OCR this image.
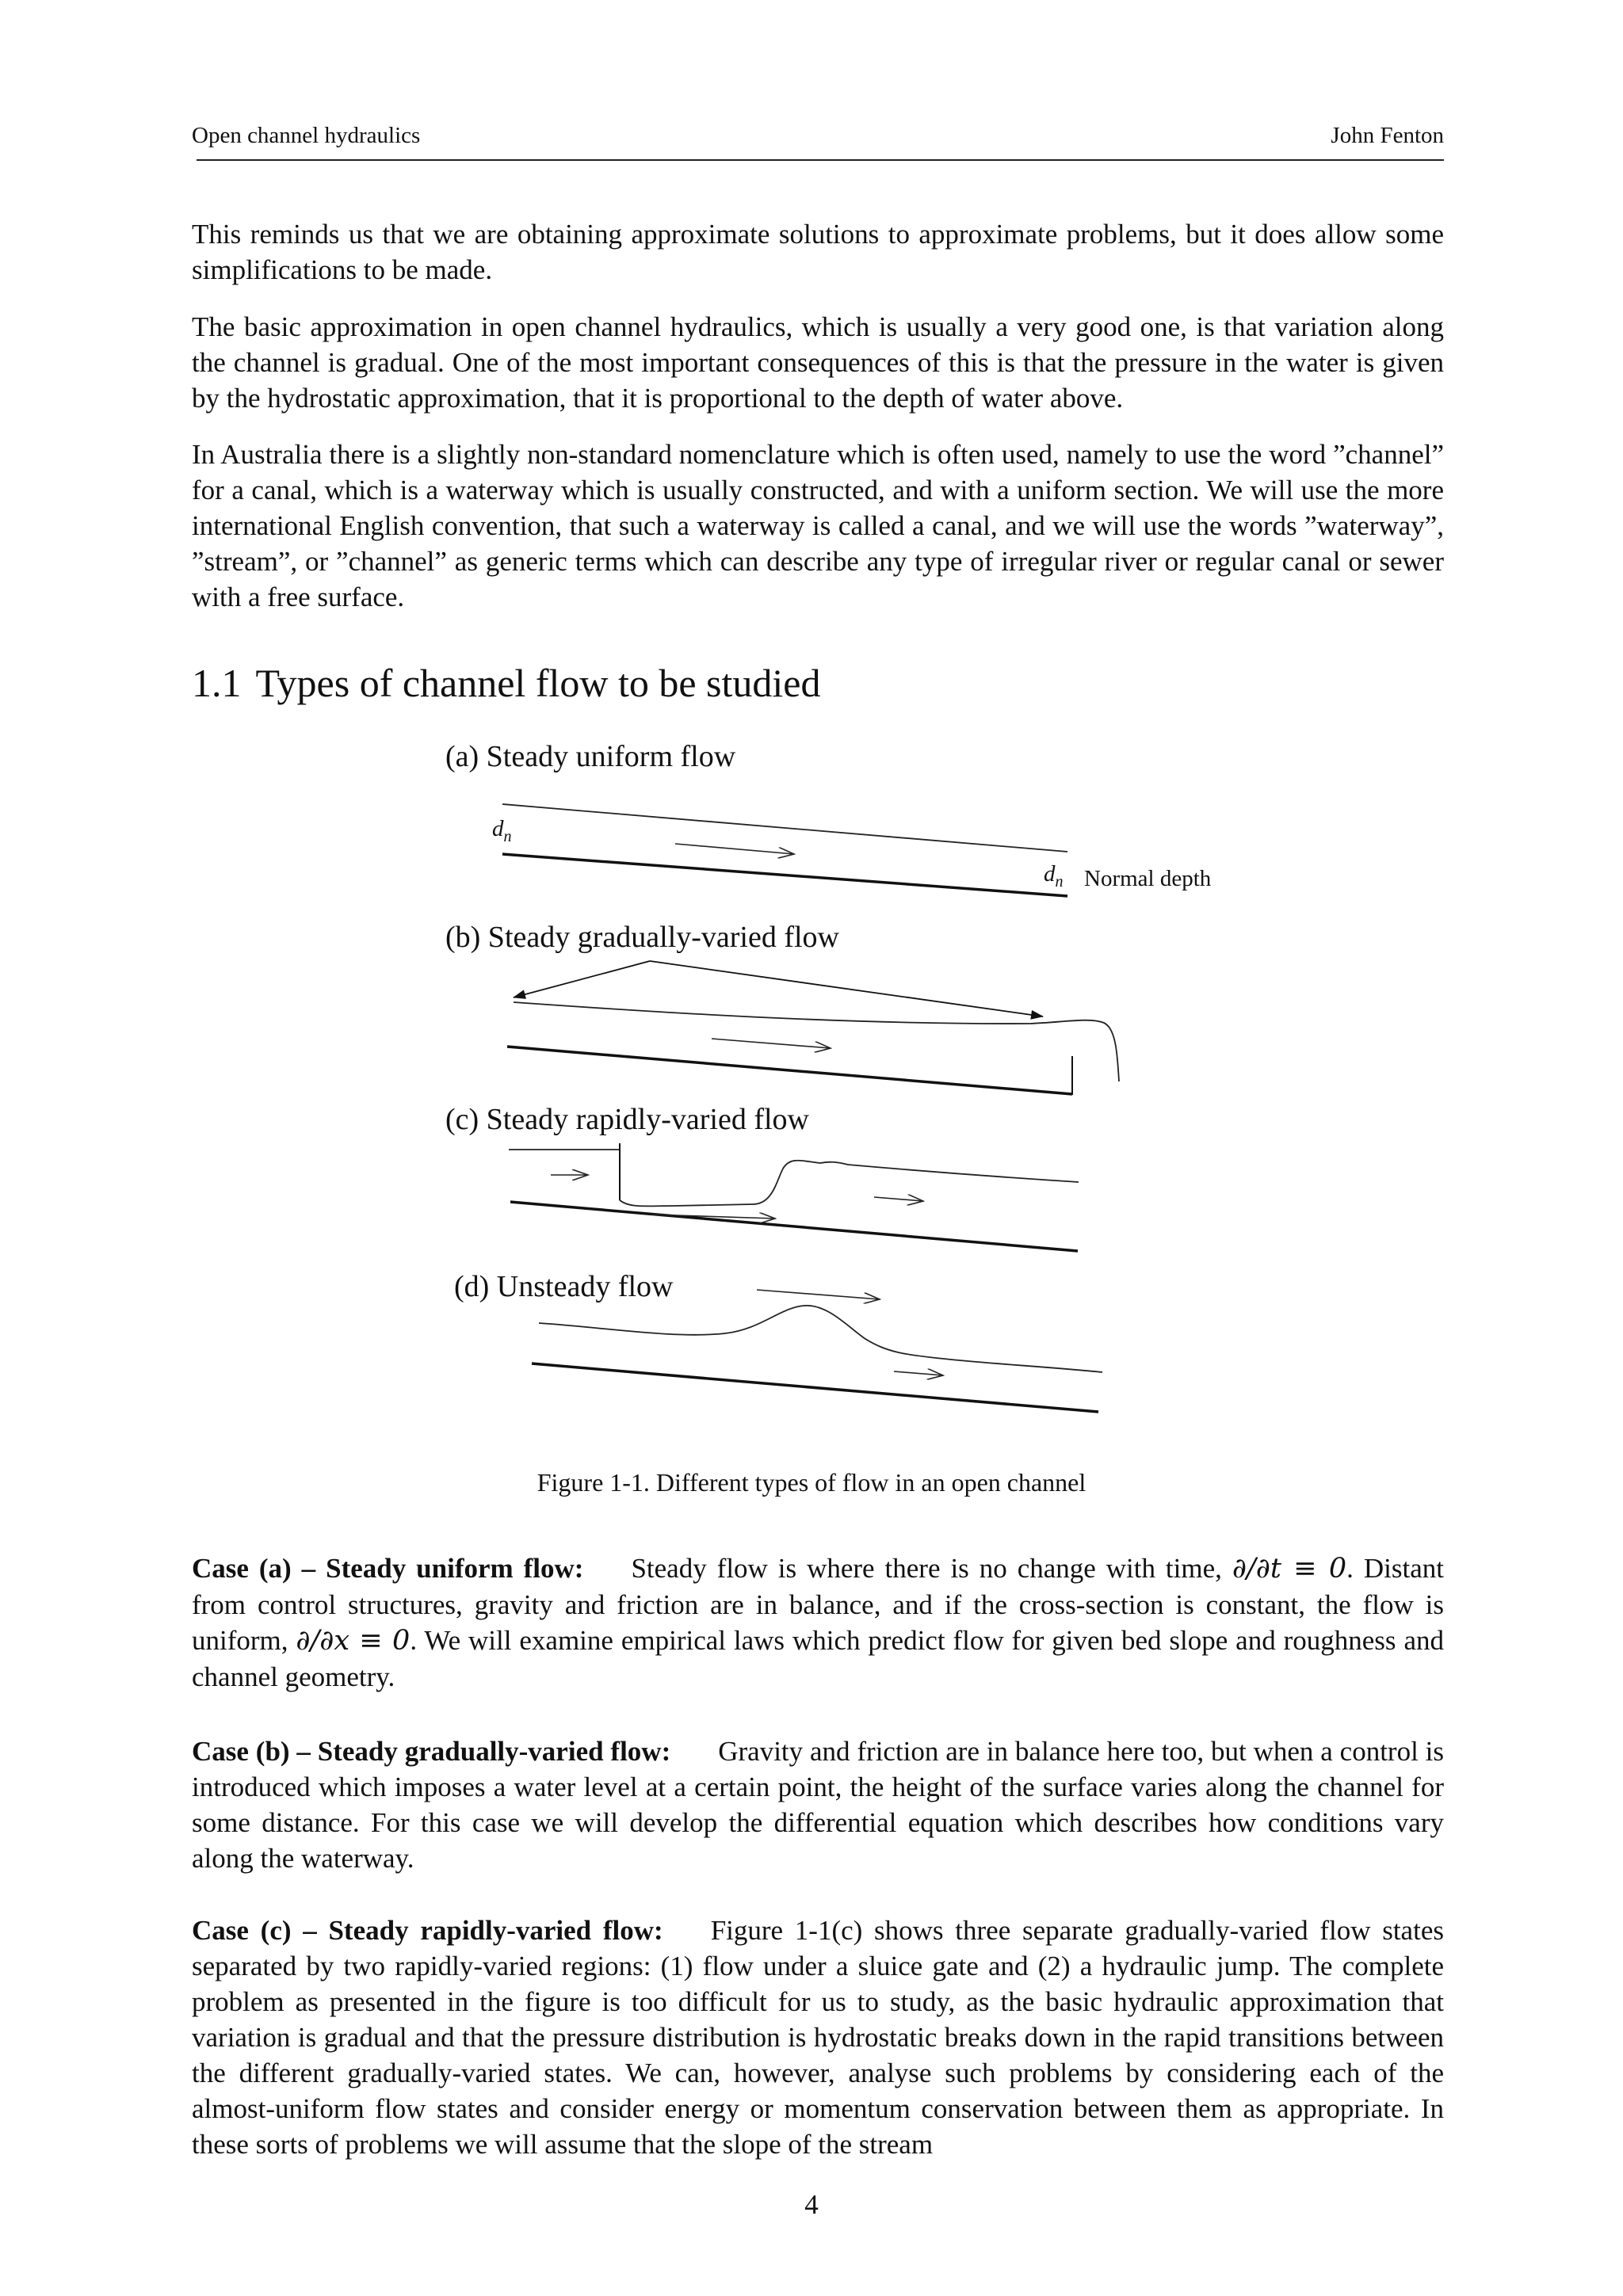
Open channel hydraulics	John Fenton

This reminds us that we are obtaining approximate solutions to approximate problems, but it does allow some simplifications to be made.

The basic approximation in open channel hydraulics, which is usually a very good one, is that variation along the channel is gradual. One of the most important consequences of this is that the pressure in the water is given by the hydrostatic approximation, that it is proportional to the depth of water above.

In Australia there is a slightly non-standard nomenclature which is often used, namely to use the word ”channel” for a canal, which is a waterway which is usually constructed, and with a uniform section. We will use the more international English convention, that such a waterway is called a canal, and we will use the words ”waterway”, ”stream”, or ”channel” as generic terms which can describe any type of irregular river or regular canal or sewer with a free surface.

1.1 Types of channel flow to be studied
(a) Steady uniform flow
$d_n$
$d_n$ Normal depth
(b) Steady gradually-varied flow
(c) Steady rapidly-varied flow
(d) Unsteady flow
Figure 1-1. Different types of flow in an open channel

Case (a) – Steady uniform flow: Steady flow is where there is no change with time, ∂/∂t ≡ 0. Distant from control structures, gravity and friction are in balance, and if the cross-section is constant, the flow is uniform, ∂/∂x ≡ 0. We will examine empirical laws which predict flow for given bed slope and roughness and channel geometry.

Case (b) – Steady gradually-varied flow: Gravity and friction are in balance here too, but when a control is introduced which imposes a water level at a certain point, the height of the surface varies along the channel for some distance. For this case we will develop the differential equation which describes how conditions vary along the waterway.

Case (c) – Steady rapidly-varied flow: Figure 1-1(c) shows three separate gradually-varied flow states separated by two rapidly-varied regions: (1) flow under a sluice gate and (2) a hydraulic jump. The complete problem as presented in the figure is too difficult for us to study, as the basic hydraulic approximation that variation is gradual and that the pressure distribution is hydrostatic breaks down in the rapid transitions between the different gradually-varied states. We can, however, analyse such problems by considering each of the almost-uniform flow states and consider energy or momentum conservation between them as appropriate. In these sorts of problems we will assume that the slope of the stream

4
